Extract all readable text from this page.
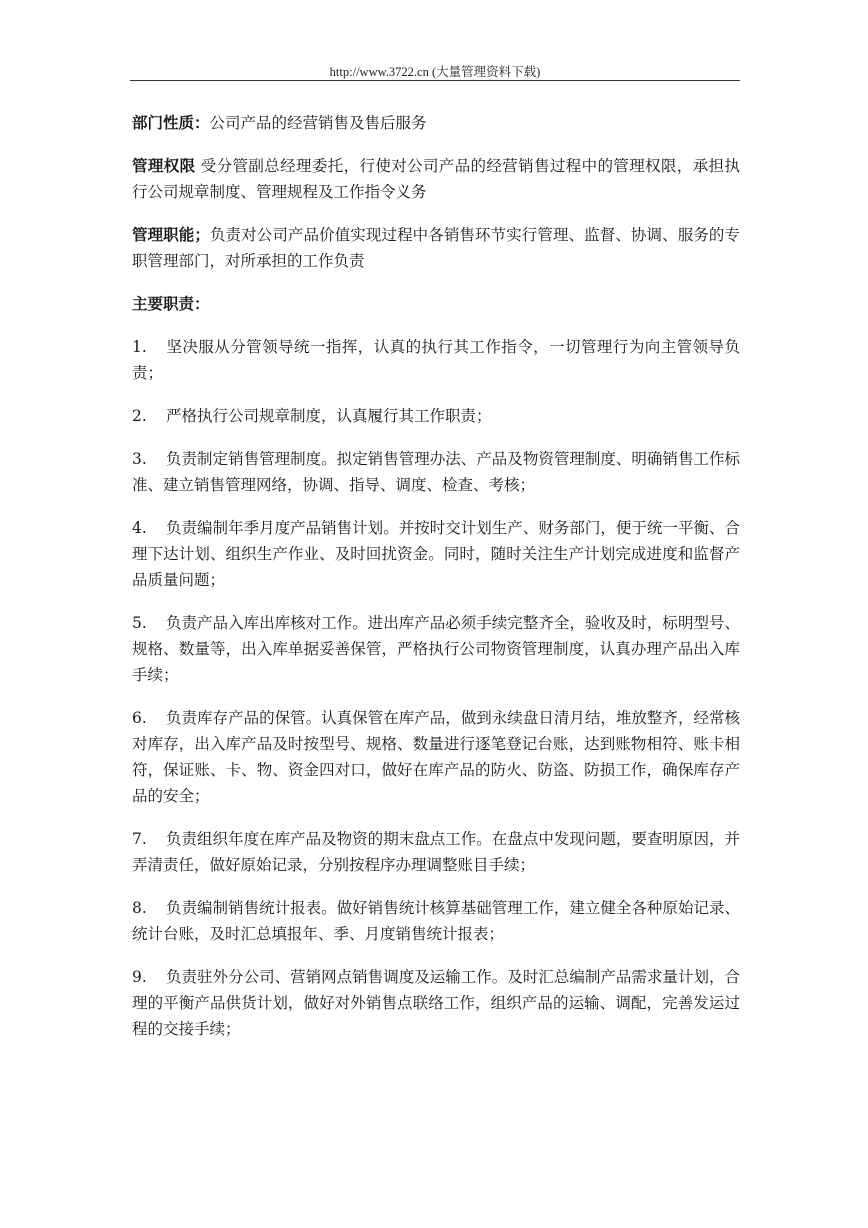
http://www.3722.cn (大量管理资料下载)

部门性质：公司产品的经营销售及售后服务

管理权限 受分管副总经理委托，行使对公司产品的经营销售过程中的管理权限，承担执行公司规章制度、管理规程及工作指令义务

管理职能；负责对公司产品价值实现过程中各销售环节实行管理、监督、协调、服务的专职管理部门，对所承担的工作负责

主要职责：

1. 坚决服从分管领导统一指挥，认真的执行其工作指令，一切管理行为向主管领导负责；

2. 严格执行公司规章制度，认真履行其工作职责；

3. 负责制定销售管理制度。拟定销售管理办法、产品及物资管理制度、明确销售工作标准、建立销售管理网络，协调、指导、调度、检查、考核；

4. 负责编制年季月度产品销售计划。并按时交计划生产、财务部门，便于统一平衡、合理下达计划、组织生产作业、及时回扰资金。同时，随时关注生产计划完成进度和监督产品质量问题；

5. 负责产品入库出库核对工作。进出库产品必须手续完整齐全，验收及时，标明型号、规格、数量等，出入库单据妥善保管，严格执行公司物资管理制度，认真办理产品出入库手续；

6. 负责库存产品的保管。认真保管在库产品，做到永续盘日清月结，堆放整齐，经常核对库存，出入库产品及时按型号、规格、数量进行逐笔登记台账，达到账物相符、账卡相符，保证账、卡、物、资金四对口，做好在库产品的防火、防盗、防损工作，确保库存产品的安全；

7. 负责组织年度在库产品及物资的期末盘点工作。在盘点中发现问题，要查明原因，并弄清责任，做好原始记录，分别按程序办理调整账目手续；

8. 负责编制销售统计报表。做好销售统计核算基础管理工作，建立健全各种原始记录、统计台账，及时汇总填报年、季、月度销售统计报表；

9. 负责驻外分公司、营销网点销售调度及运输工作。及时汇总编制产品需求量计划，合理的平衡产品供货计划，做好对外销售点联络工作，组织产品的运输、调配，完善发运过程的交接手续；
